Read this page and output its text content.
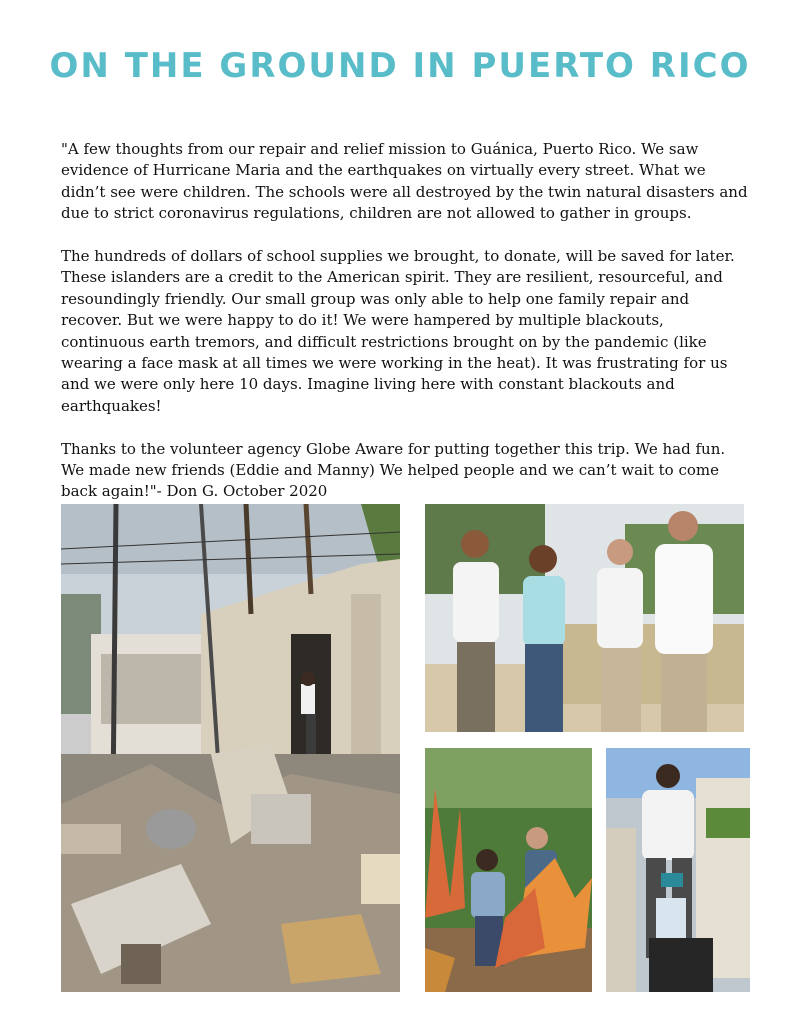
ON THE GROUND IN PUERTO RICO

"A few thoughts from our repair and relief mission to Guánica, Puerto Rico. We saw evidence of Hurricane Maria and the earthquakes on virtually every street. What we didn’t see were children. The schools were all destroyed by the twin natural disasters and due to strict coronavirus regulations, children are not allowed to gather in groups.

The hundreds of dollars of school supplies we brought, to donate, will be saved for later. These islanders are a credit to the American spirit. They are resilient, resourceful, and resoundingly friendly. Our small group was only able to help one family repair and recover. But we were happy to do it! We were hampered by multiple blackouts, continuous earth tremors, and difficult restrictions brought on by the pandemic (like wearing a face mask at all times we were working in the heat). It was frustrating for us and we were only here 10 days. Imagine living here with constant blackouts and earthquakes!

Thanks to the volunteer agency Globe Aware for putting together this trip. We had fun. We made new friends (Eddie and Manny) We helped people and we can’t wait to come back again!"- Don G. October 2020
